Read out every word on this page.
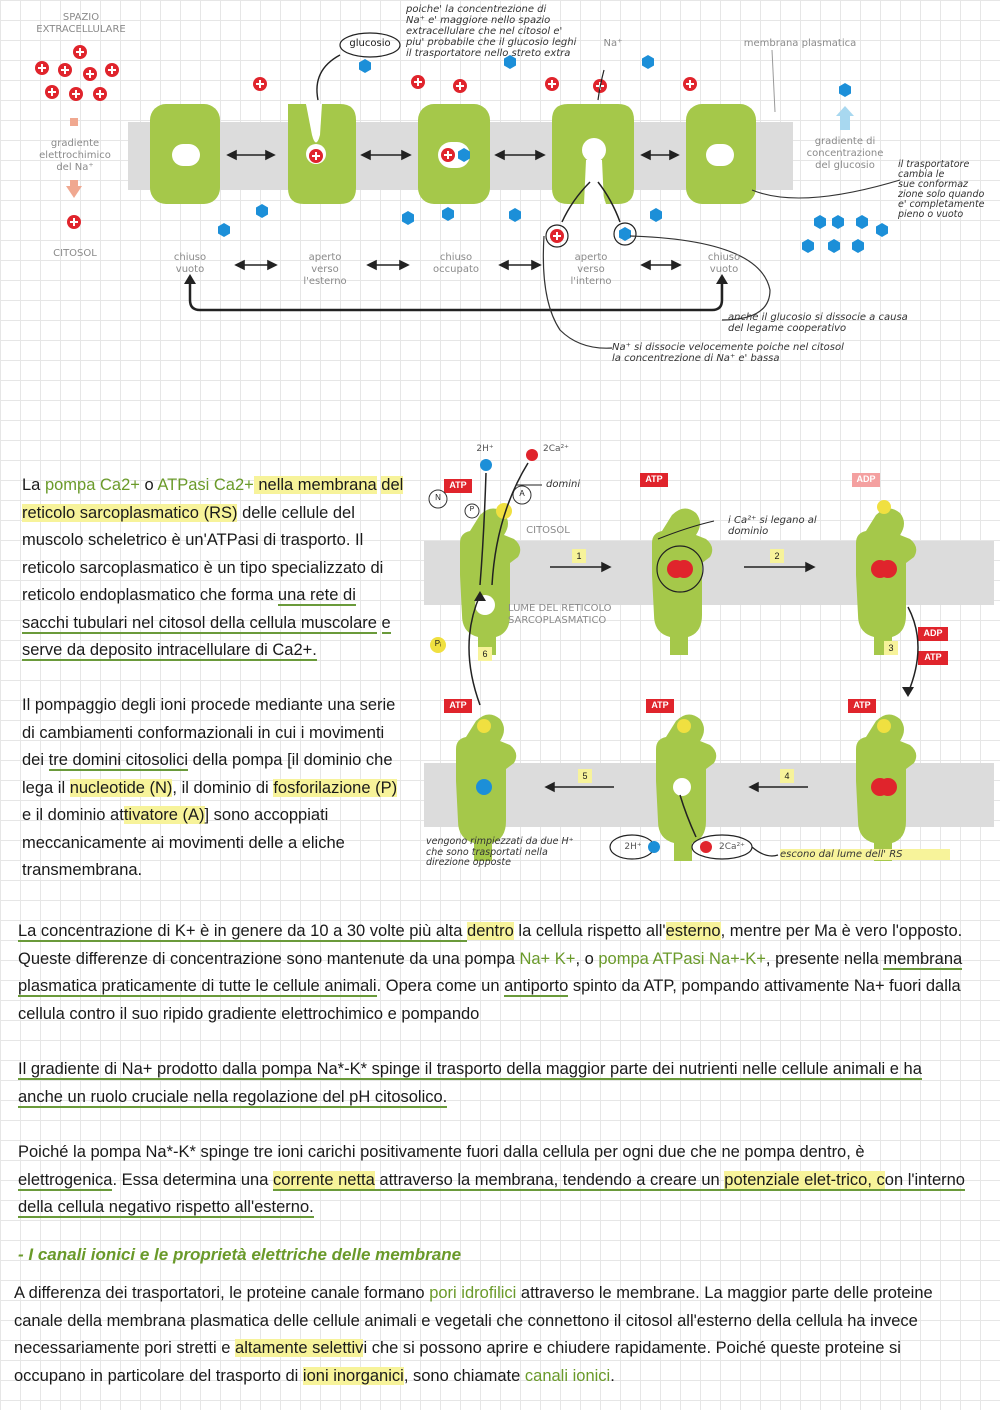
SPAZIO
EXTRACELLULARE
CITOSOL
gradiente
elettrochimico
del Na⁺
gradiente di
concentrazione
del glucosio
membrana plasmatica
glucosio	Na⁺
chiuso
vuoto
aperto
verso
l'esterno
chiuso
occupato
aperto
verso
l'interno
chiuso
vuoto
poiche' la concentrezione di
Na⁺ e' maggiore nello spazio
extracellulare che nel citosol e'
piu' probabile che il glucosio leghi
il trasportatore nello streto extra
il trasportatore
cambia le
sue conformaz
zione solo quando
e' completamente
pieno o vuoto
anche il glucosio si dissocie a causa
del legame cooperativo
Na⁺ si dissocie velocemente poiche nel citosol
la concentrezione di Na⁺ e' bassa
2H⁺	2Ca²⁺
domini
CITOSOL
LUME DEL RETICOLO
SARCOPLASMATICO
i Ca²⁺ si legano al
dominio
ATP
ATP	ADP
ADP
ATP
ATP	ATP	ATP
N
P
A
Pᵢ
1	2
3
4
5
6
2H⁺	2Ca²⁺
vengono rimpiezzati da due H⁺
che sono trasportati nella
direzione opposte
escono dal lume dell' RS
La pompa Ca2+ o ATPasi Ca2+ nella membrana del reticolo sarcoplasmatico (RS) delle cellule del muscolo scheletrico è un'ATPasi di trasporto. Il reticolo sarcoplasmatico è un tipo specializzato di reticolo endoplasmatico che forma una rete di sacchi tubulari nel citosol della cellula muscolare e serve da deposito intracellulare di Ca2+.
Il pompaggio degli ioni procede mediante una serie di cambiamenti conformazionali in cui i movimenti dei tre domini citosolici della pompa [il dominio che lega il nucleotide (N), il dominio di fosforilazione (P) e il dominio attivatore (A)] sono accoppiati meccanicamente ai movimenti delle a eliche transmembrana.
La concentrazione di K+ è in genere da 10 a 30 volte più alta dentro la cellula rispetto all'esterno, mentre per Ma è vero l'opposto. Queste differenze di concentrazione sono mantenute da una pompa Na+ K+, o pompa ATPasi Na+-K+, presente nella membrana plasmatica praticamente di tutte le cellule animali. Opera come un antiporto spinto da ATP, pompando attivamente Na+ fuori dalla cellula contro il suo ripido gradiente elettrochimico e pompando
Il gradiente di Na+ prodotto dalla pompa Na*-K* spinge il trasporto della maggior parte dei nutrienti nelle cellule animali e ha anche un ruolo cruciale nella regolazione del pH citosolico.
Poiché la pompa Na*-K* spinge tre ioni carichi positivamente fuori dalla cellula per ogni due che ne pompa dentro, è elettrogenica. Essa determina una corrente netta attraverso la membrana, tendendo a creare un potenziale elet-trico, con l'interno della cellula negativo rispetto all'esterno.
- I canali ionici e le proprietà elettriche delle membrane
A differenza dei trasportatori, le proteine canale formano pori idrofilici attraverso le membrane. La maggior parte delle proteine canale della membrana plasmatica delle cellule animali e vegetali che connettono il citosol all'esterno della cellula ha invece necessariamente pori stretti e altamente selettivi che si possono aprire e chiudere rapidamente. Poiché queste proteine si occupano in particolare del trasporto di ioni inorganici, sono chiamate canali ionici.
